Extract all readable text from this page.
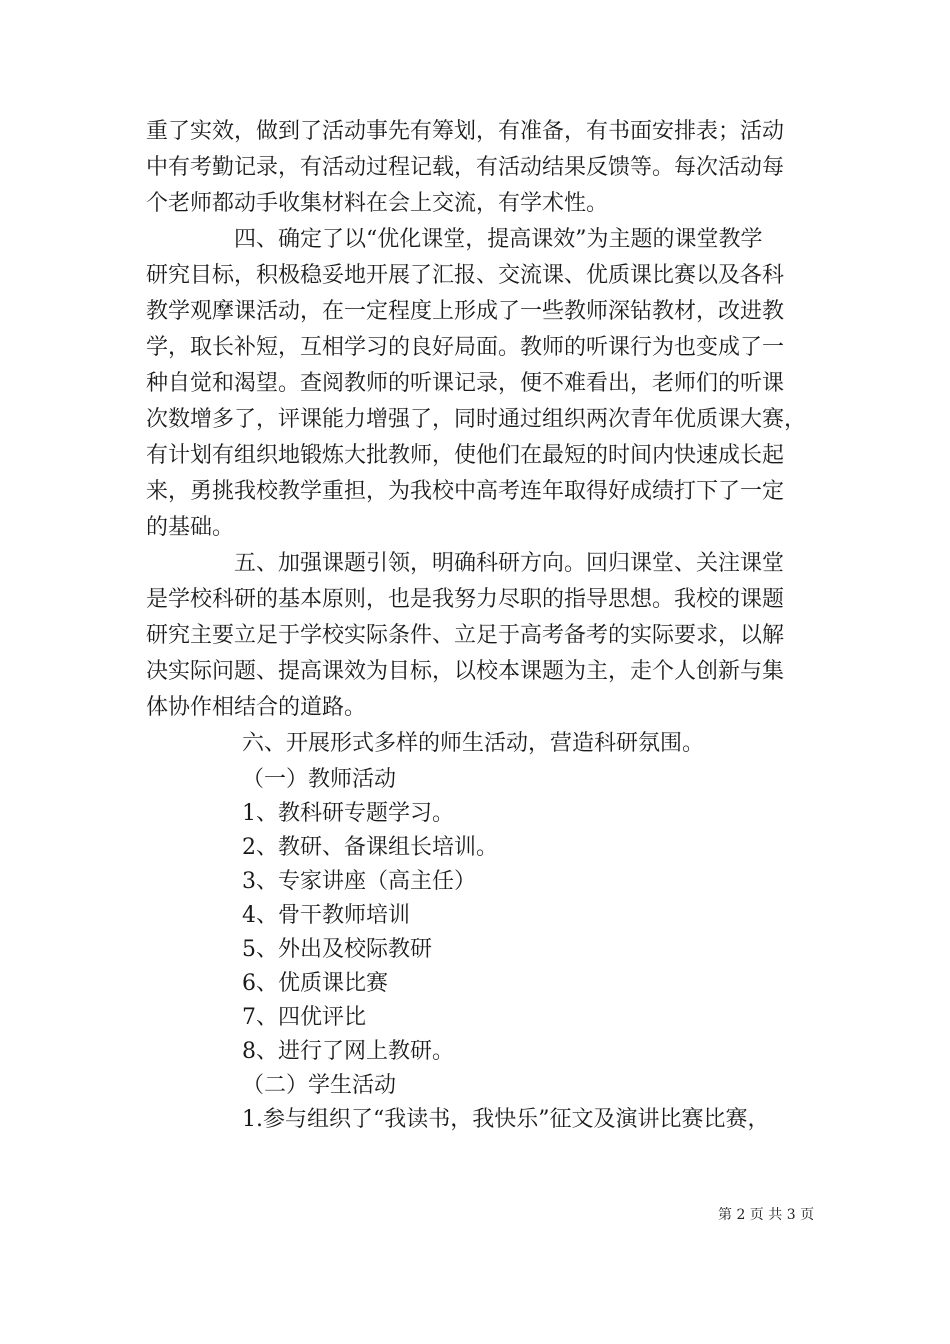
重了实效，做到了活动事先有筹划，有准备，有书面安排表；活动
中有考勤记录，有活动过程记载，有活动结果反馈等。每次活动每
个老师都动手收集材料在会上交流，有学术性。
四、确定了以“优化课堂，提高课效”为主题的课堂教学
研究目标，积极稳妥地开展了汇报、交流课、优质课比赛以及各科
教学观摩课活动，在一定程度上形成了一些教师深钻教材，改进教
学，取长补短，互相学习的良好局面。教师的听课行为也变成了一
种自觉和渴望。查阅教师的听课记录，便不难看出，老师们的听课
次数增多了，评课能力增强了，同时通过组织两次青年优质课大赛，
有计划有组织地锻炼大批教师，使他们在最短的时间内快速成长起
来，勇挑我校教学重担，为我校中高考连年取得好成绩打下了一定
的基础。
五、加强课题引领，明确科研方向。回归课堂、关注课堂
是学校科研的基本原则，也是我努力尽职的指导思想。我校的课题
研究主要立足于学校实际条件、立足于高考备考的实际要求，以解
决实际问题、提高课效为目标，以校本课题为主，走个人创新与集
体协作相结合的道路。
六、开展形式多样的师生活动，营造科研氛围。
（一）教师活动
1、教科研专题学习。
2、教研、备课组长培训。
3、专家讲座（高主任）
4、骨干教师培训
5、外出及校际教研
6、优质课比赛
7、四优评比
8、进行了网上教研。
（二）学生活动
1.参与组织了“我读书，我快乐”征文及演讲比赛比赛，
第 2 页 共 3 页
